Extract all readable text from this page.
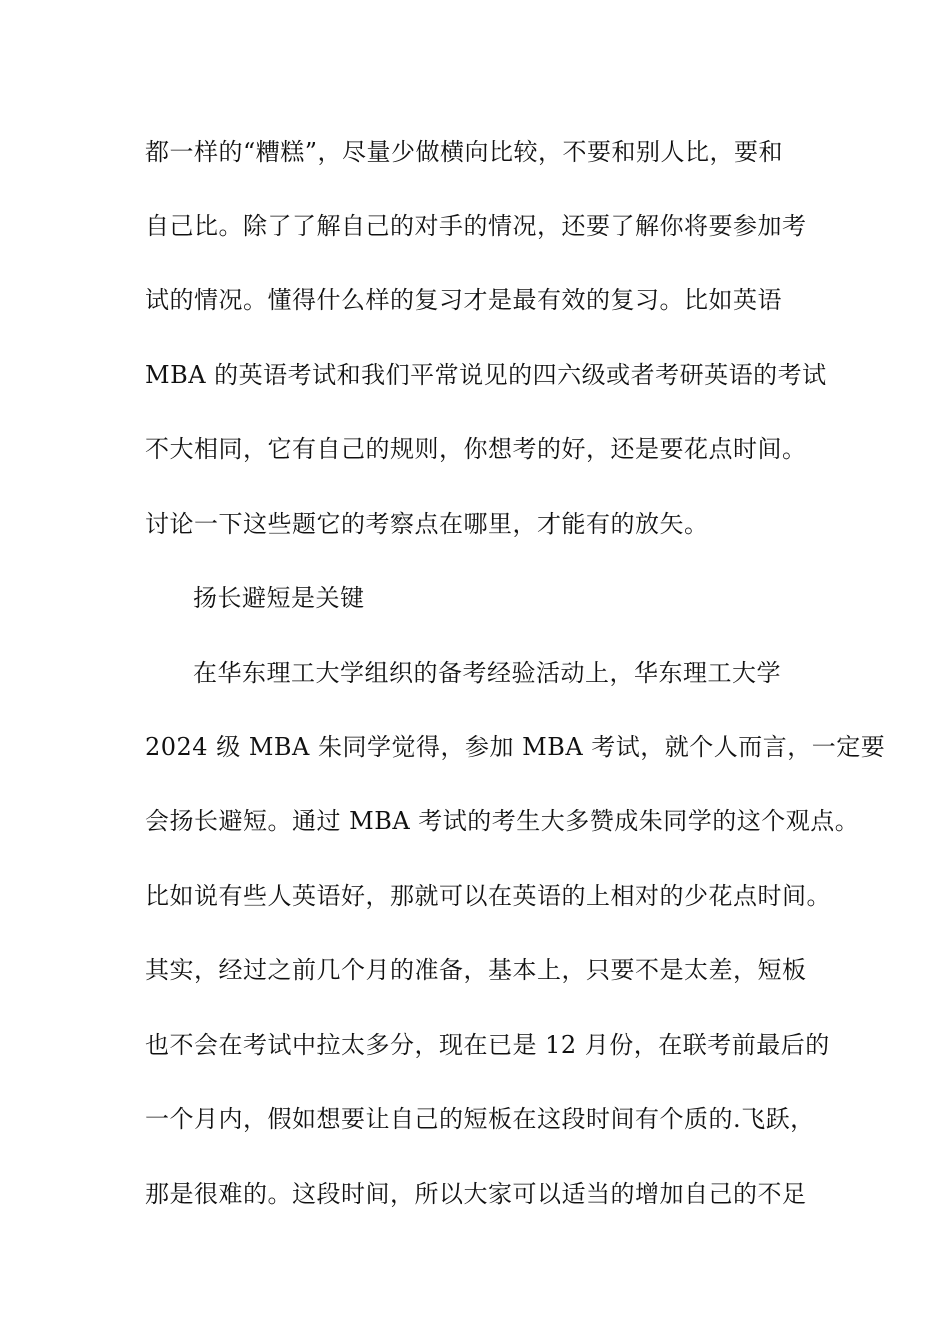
都一样的“糟糕”，尽量少做横向比较，不要和别人比，要和

自己比。除了了解自己的对手的情况，还要了解你将要参加考

试的情况。懂得什么样的复习才是最有效的复习。比如英语

MBA 的英语考试和我们平常说见的四六级或者考研英语的考试

不大相同，它有自己的规则，你想考的好，还是要花点时间。

讨论一下这些题它的考察点在哪里，才能有的放矢。

扬长避短是关键

在华东理工大学组织的备考经验活动上，华东理工大学

2024 级 MBA 朱同学觉得，参加 MBA 考试，就个人而言，一定要

会扬长避短。通过 MBA 考试的考生大多赞成朱同学的这个观点。

比如说有些人英语好，那就可以在英语的上相对的少花点时间。

其实，经过之前几个月的准备，基本上，只要不是太差，短板

也不会在考试中拉太多分，现在已是 12 月份，在联考前最后的

一个月内，假如想要让自己的短板在这段时间有个质的.飞跃，

那是很难的。这段时间，所以大家可以适当的增加自己的不足
